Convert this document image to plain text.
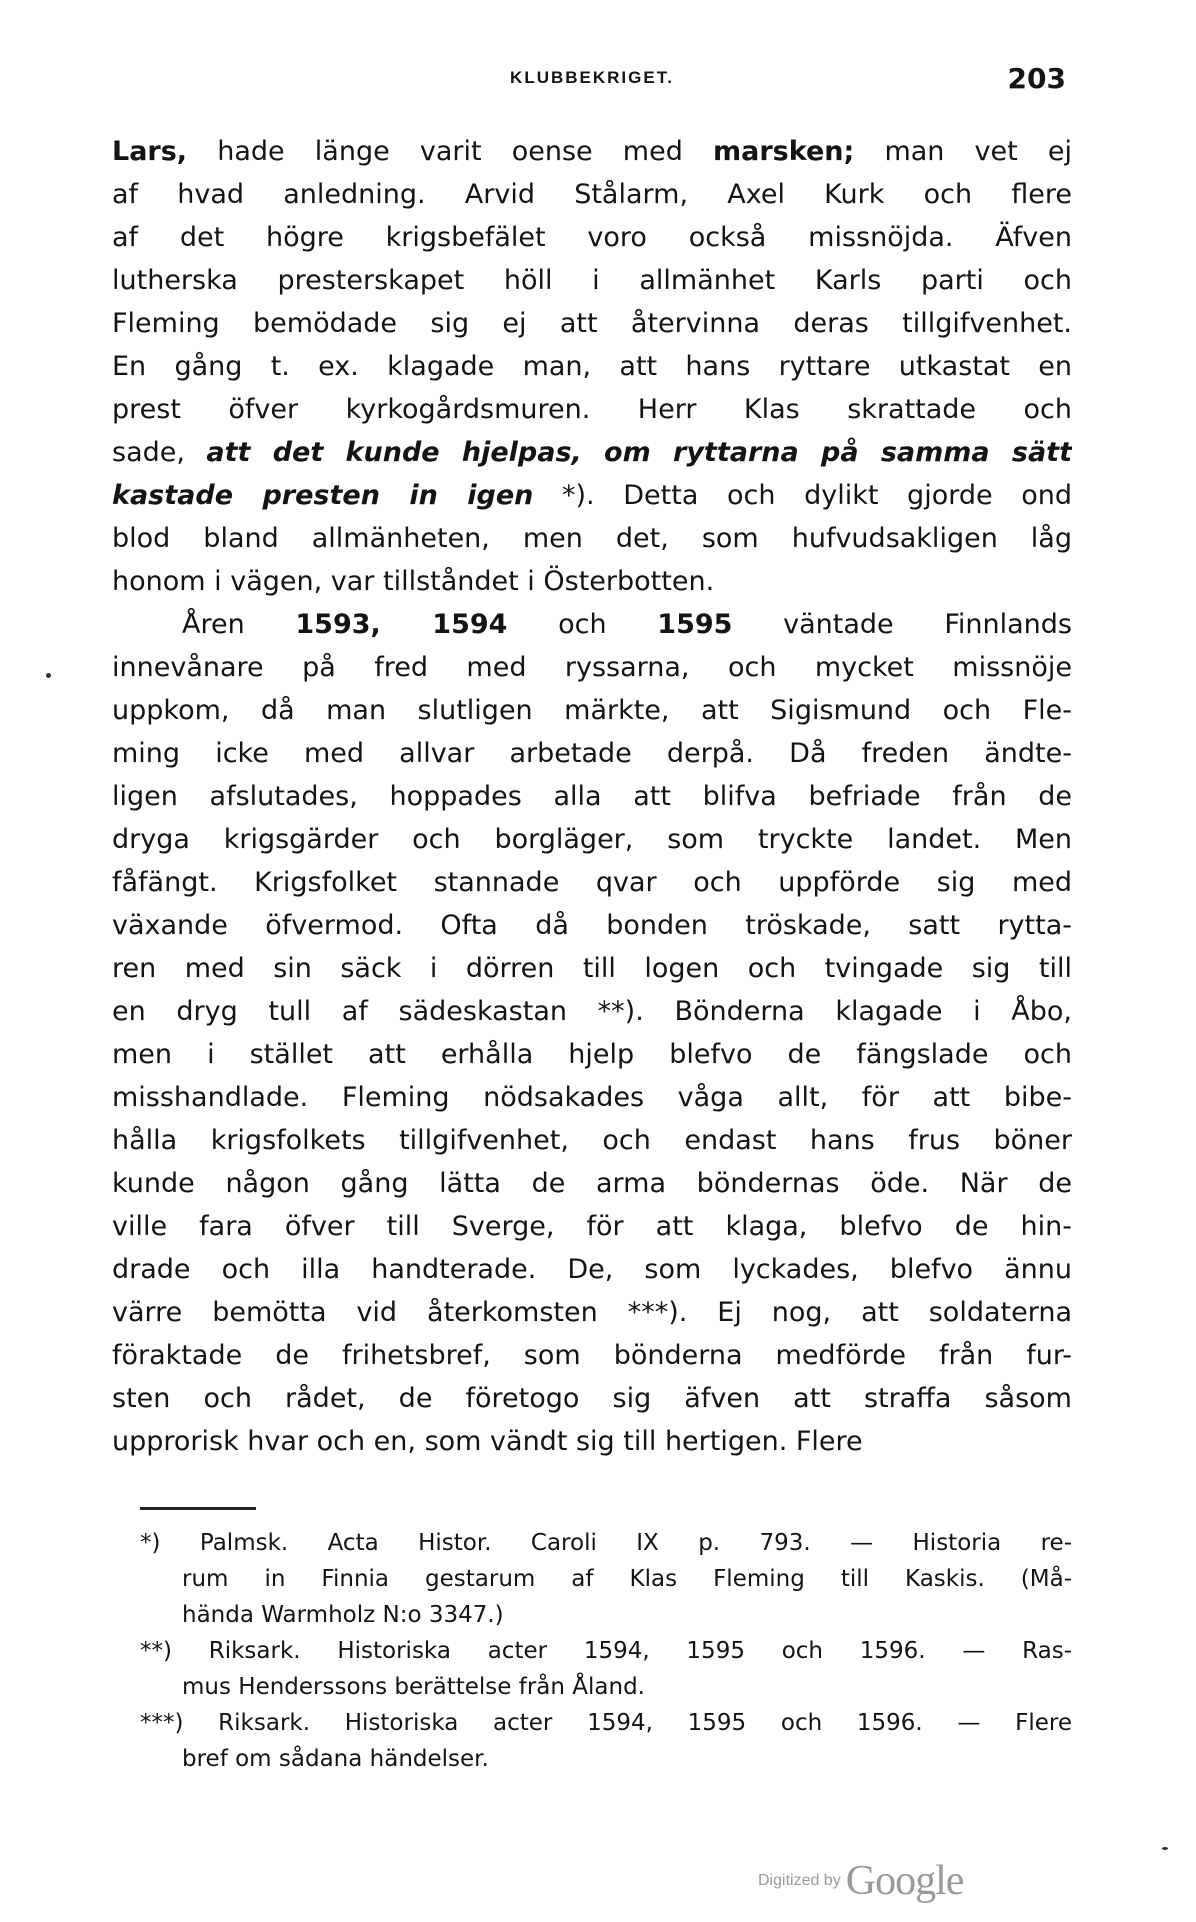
KLUBBEKRIGET.	203
Lars, hade länge varit oense med marsken; man vet ej
af hvad anledning. Arvid Stålarm, Axel Kurk och flere
af det högre krigsbefälet voro också missnöjda. Äfven
lutherska presterskapet höll i allmänhet Karls parti och
Fleming bemödade sig ej att återvinna deras tillgifvenhet.
En gång t. ex. klagade man, att hans ryttare utkastat en
prest öfver kyrkogårdsmuren. Herr Klas skrattade och
sade, att det kunde hjelpas, om ryttarna på samma sätt
kastade presten in igen *). Detta och dylikt gjorde ond
blod bland allmänheten, men det, som hufvudsakligen låg
honom i vägen, var tillståndet i Österbotten.
Åren 1593, 1594 och 1595 väntade Finnlands
innevånare på fred med ryssarna, och mycket missnöje
uppkom, då man slutligen märkte, att Sigismund och Fle-
ming icke med allvar arbetade derpå. Då freden ändte-
ligen afslutades, hoppades alla att blifva befriade från de
dryga krigsgärder och borgläger, som tryckte landet. Men
fåfängt. Krigsfolket stannade qvar och uppförde sig med
växande öfvermod. Ofta då bonden tröskade, satt rytta-
ren med sin säck i dörren till logen och tvingade sig till
en dryg tull af sädeskastan **). Bönderna klagade i Åbo,
men i stället att erhålla hjelp blefvo de fängslade och
misshandlade. Fleming nödsakades våga allt, för att bibe-
hålla krigsfolkets tillgifvenhet, och endast hans frus böner
kunde någon gång lätta de arma böndernas öde. När de
ville fara öfver till Sverge, för att klaga, blefvo de hin-
drade och illa handterade. De, som lyckades, blefvo ännu
värre bemötta vid återkomsten ***). Ej nog, att soldaterna
föraktade de frihetsbref, som bönderna medförde från fur-
sten och rådet, de företogo sig äfven att straffa såsom
upprorisk hvar och en, som vändt sig till hertigen. Flere
*) Palmsk. Acta Histor. Caroli IX p. 793. — Historia re-
rum in Finnia gestarum af Klas Fleming till Kaskis. (Må-
hända Warmholz N:o 3347.)
**) Riksark. Historiska acter 1594, 1595 och 1596. — Ras-
mus Henderssons berättelse från Åland.
***) Riksark. Historiska acter 1594, 1595 och 1596. — Flere
bref om sådana händelser.
Digitized by Google
